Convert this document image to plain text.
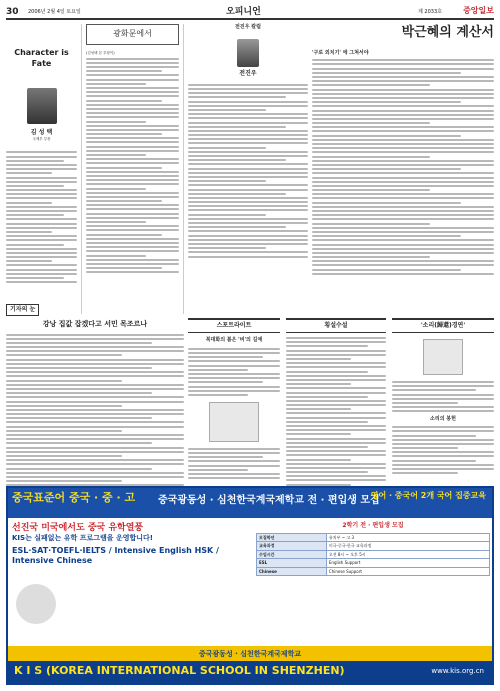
30 2006년 2월 4일 토요일	오피니언	제 2033호	중앙일보
Character is Fate
김 성 택
국제부 부장
광화문에서
(김성택 본 부장이)
전진우 칼럼
전진우
박근혜의 계산서
'구로 외치기' 에 그쳐서야
스포트라이트
북대화의 봄은 '비'의 길에
횡설수설	'소리(歸還)경연'
소리의 봉헌
기자의 눈
강낭 집값 잡겠다고 서민 목조르나
중국표준어 중국 · 중 · 고 중국광동성 · 심천한국계국제학교 전 · 편입생 모집
영어 · 중국어 2개 국어 집중교육
선진국 미국에서도 중국 유학열풍
KIS는 실패없는 유학 프로그램을 운영합니다!
ESL·SAT·TOEFL·IELTS / Intensive English HSK / Intensive Chinese
2학기 전 · 편입생 모집
모집학년	유치부 ~ 고 3
교육과정	미국·중국·한국 교육과정
수업시간	오전 8시 ~ 오후 5시
ESL	English Support
Chinese	Chinese Support
중국광동성 · 심천한국계국제학교
K I S (KOREA INTERNATIONAL SCHOOL IN SHENZHEN)	www.kis.org.cn
